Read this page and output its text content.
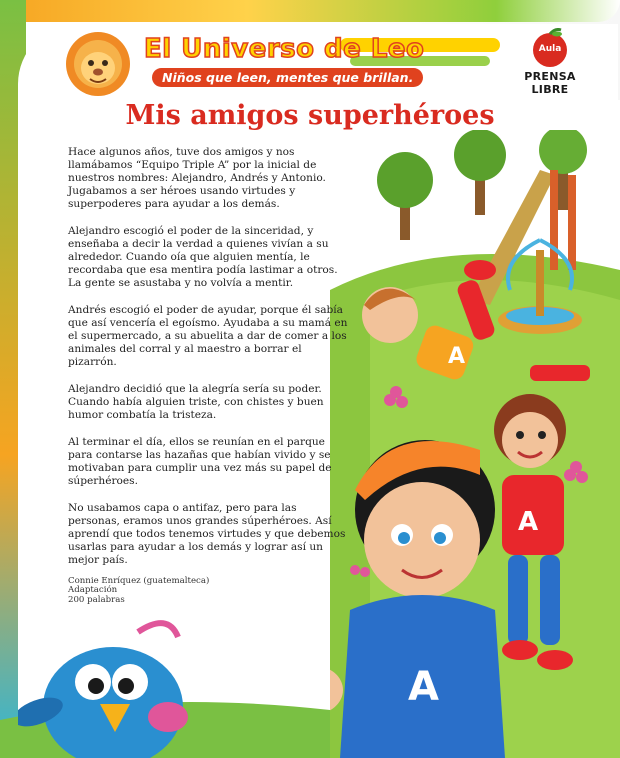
El Universo de Leo
Niños que leen, mentes que brillan.
Aula
PRENSA LIBRE
A
A
A
Mis amigos superhéroes

Hace algunos años, tuve dos amigos y nos llamábamos “Equipo Triple A” por la inicial de nuestros nombres: Alejandro, Andrés y Antonio. Jugabamos a ser héroes usando virtudes y superpoderes para ayudar a los demás.

Alejandro escogió el poder de la sinceridad, y enseñaba a decir la verdad a quienes vivían a su alrededor. Cuando oía que alguien mentía, le recordaba que esa mentira podía lastimar a otros. La gente se asustaba y no volvía a mentir.

Andrés escogió el poder de ayudar, porque él sabía que así vencería el egoísmo. Ayudaba a su mamá en el supermercado, a su abuelita a dar de comer a los animales del corral y al maestro a borrar el pizarrón.

Alejandro decidió que la alegría sería su poder. Cuando había alguien triste, con chistes y buen humor combatía la tristeza.

Al terminar el día, ellos se reunían en el parque para contarse las hazañas que habían vivido y se motivaban para cumplir una vez más su papel de súperhéroes.

No usabamos capa o antifaz, pero para las personas, eramos unos grandes súperhéroes. Así aprendí que todos tenemos virtudes y que debemos usarlas para ayudar a los demás y lograr así un mejor país.

Connie Enríquez (guatemalteca)
Adaptación
200 palabras
